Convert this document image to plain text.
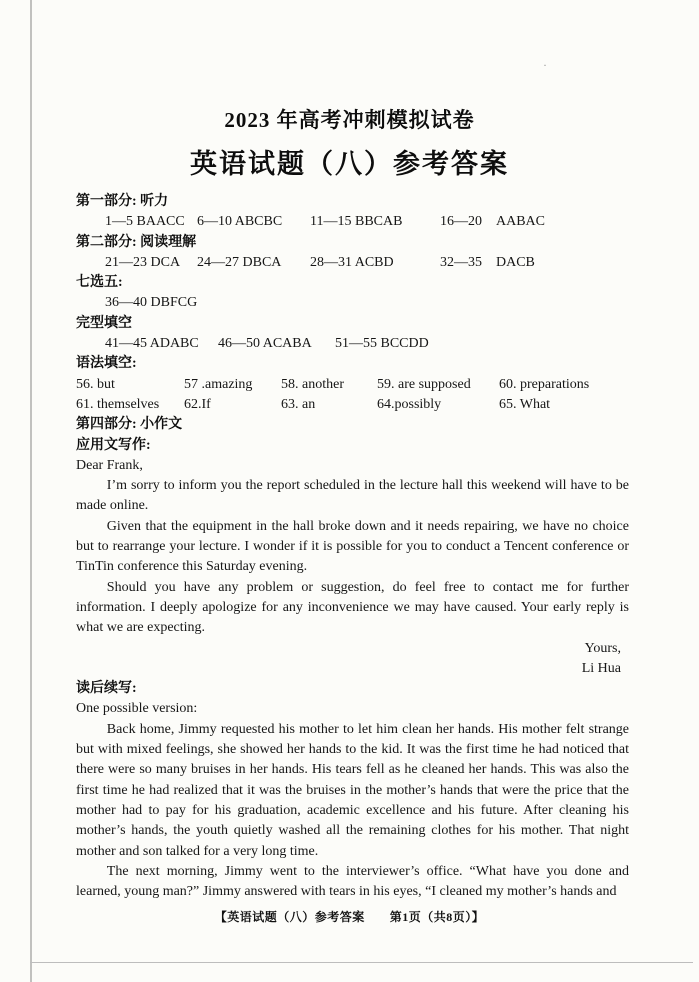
·
2023 年高考冲刺模拟试卷
英语试题（八）参考答案

第一部分: 听力

1—5 BAACC 6—10 ABCBC	11—15 BBCAB	16—20　AABAC

第二部分: 阅读理解

21—23 DCA	24—27 DBCA	28—31 ACBD	32—35　DACB

七选五:

36—40 DBFCG

完型填空

41—45 ADABC	46—50 ACABA	51—55 BCCDD

语法填空:

56. but	57 .amazing	58. another	59. are supposed	60. preparations

61. themselves	62.If	63. an	64.possibly	65. What

第四部分: 小作文

应用文写作:

Dear Frank,

I’m sorry to inform you the report scheduled in the lecture hall this weekend will have to be made online.

Given that the equipment in the hall broke down and it needs repairing, we have no choice but to rearrange your lecture. I wonder if it is possible for you to conduct a Tencent conference or TinTin conference this Saturday evening.

Should you have any problem or suggestion, do feel free to contact me for further information. I deeply apologize for any inconvenience we may have caused. Your early reply is what we are expecting.

Yours,

Li Hua

读后续写:

One possible version:

Back home, Jimmy requested his mother to let him clean her hands. His mother felt strange but with mixed feelings, she showed her hands to the kid. It was the first time he had noticed that there were so many bruises in her hands. His tears fell as he cleaned her hands. This was also the first time he had realized that it was the bruises in the mother’s hands that were the price that the mother had to pay for his graduation, academic excellence and his future. After cleaning his mother’s hands, the youth quietly washed all the remaining clothes for his mother. That night mother and son talked for a very long time.

The next morning, Jimmy went to the interviewer’s office. “What have you done and learned, young man?” Jimmy answered with tears in his eyes, “I cleaned my mother’s hands and

【英语试题（八）参考答案　　第1页（共8页）】
